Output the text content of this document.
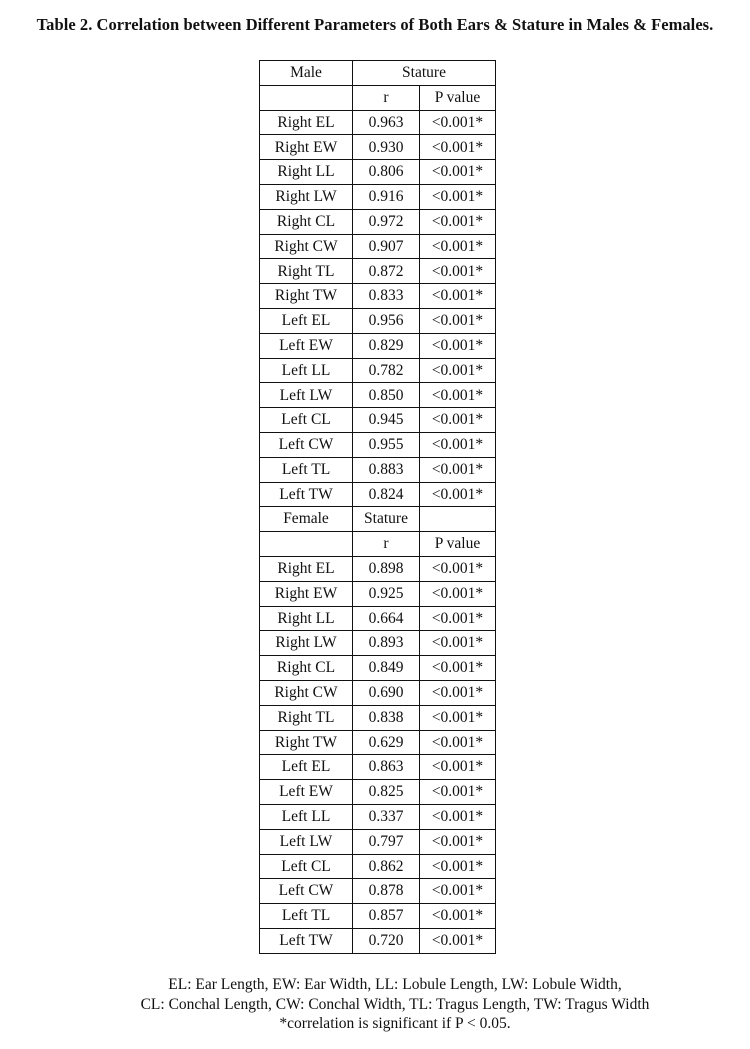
Table 2. Correlation between Different Parameters of Both Ears & Stature in Males & Females.
Male	Stature	
	r	P value
Right EL	0.963	<0.001*
Right EW	0.930	<0.001*
Right LL	0.806	<0.001*
Right LW	0.916	<0.001*
Right CL	0.972	<0.001*
Right CW	0.907	<0.001*
Right TL	0.872	<0.001*
Right TW	0.833	<0.001*
Left EL	0.956	<0.001*
Left EW	0.829	<0.001*
Left LL	0.782	<0.001*
Left LW	0.850	<0.001*
Left CL	0.945	<0.001*
Left CW	0.955	<0.001*
Left TL	0.883	<0.001*
Left TW	0.824	<0.001*
Female	Stature	
	r	P value
Right EL	0.898	<0.001*
Right EW	0.925	<0.001*
Right LL	0.664	<0.001*
Right LW	0.893	<0.001*
Right CL	0.849	<0.001*
Right CW	0.690	<0.001*
Right TL	0.838	<0.001*
Right TW	0.629	<0.001*
Left EL	0.863	<0.001*
Left EW	0.825	<0.001*
Left LL	0.337	<0.001*
Left LW	0.797	<0.001*
Left CL	0.862	<0.001*
Left CW	0.878	<0.001*
Left TL	0.857	<0.001*
Left TW	0.720	<0.001*
EL: Ear Length, EW: Ear Width, LL: Lobule Length, LW: Lobule Width,
CL: Conchal Length, CW: Conchal Width, TL: Tragus Length, TW: Tragus Width
*correlation is significant if P < 0.05.
